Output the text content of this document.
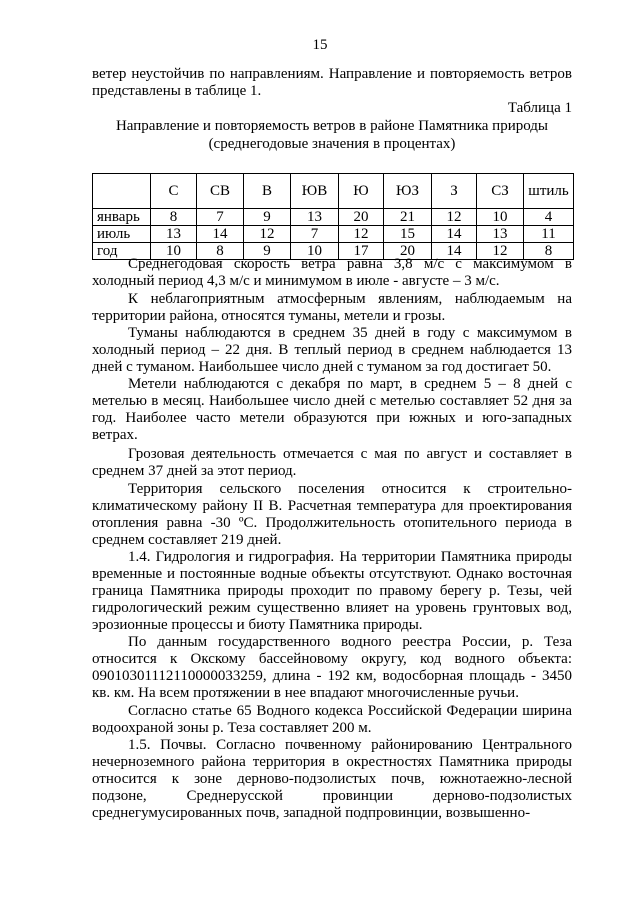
15

ветер неустойчив по направлениям. Направление и повторяемость ветров представлены в таблице 1.

Таблица 1

Направление и повторяемость ветров в районе Памятника природы

(среднегодовые значения в процентах)

	С	СВ	В	ЮВ	Ю	ЮЗ	З	СЗ	штиль
январь	8	7	9	13	20	21	12	10	4
июль	13	14	12	7	12	15	14	13	11
год	10	8	9	10	17	20	14	12	8

Среднегодовая скорость ветра равна 3,8 м/с с максимумом в холодный период 4,3 м/с и минимумом в июле - августе – 3 м/с.

К неблагоприятным атмосферным явлениям, наблюдаемым на территории района, относятся туманы, метели и грозы.

Туманы наблюдаются в среднем 35 дней в году с максимумом в холодный период – 22 дня. В теплый период в среднем наблюдается 13 дней с туманом. Наибольшее число дней с туманом за год достигает 50.

Метели наблюдаются с декабря по март, в среднем 5 – 8 дней с метелью в месяц. Наибольшее число дней с метелью составляет 52 дня за год. Наиболее часто метели образуются при южных и юго-западных ветрах.

Грозовая деятельность отмечается с мая по август и составляет в среднем 37 дней за этот период.

Территория сельского поселения относится к строительно-климатическому району II В. Расчетная температура для проектирования отопления равна -30 ºС. Продолжительность отопительного периода в среднем составляет 219 дней.

1.4. Гидрология и гидрография. На территории Памятника природы временные и постоянные водные объекты отсутствуют. Однако восточная граница Памятника природы проходит по правому берегу р. Тезы, чей гидрологический режим существенно влияет на уровень грунтовых вод, эрозионные процессы и биоту Памятника природы.

По данным государственного водного реестра России, р. Теза относится к Окскому бассейновому округу, код водного объекта: 09010301112110000033259, длина - 192 км, водосборная площадь - 3450 кв. км. На всем протяжении в нее впадают многочисленные ручьи.

Согласно статье 65 Водного кодекса Российской Федерации ширина водоохраной зоны р. Теза составляет 200 м.

1.5. Почвы. Согласно почвенному районированию Центрального нечерноземного района территория в окрестностях Памятника природы относится к зоне дерново-подзолистых почв, южнотаежно-лесной подзоне, Среднерусской провинции дерново-подзолистых среднегумусированных почв, западной подпровинции, возвышенно-
